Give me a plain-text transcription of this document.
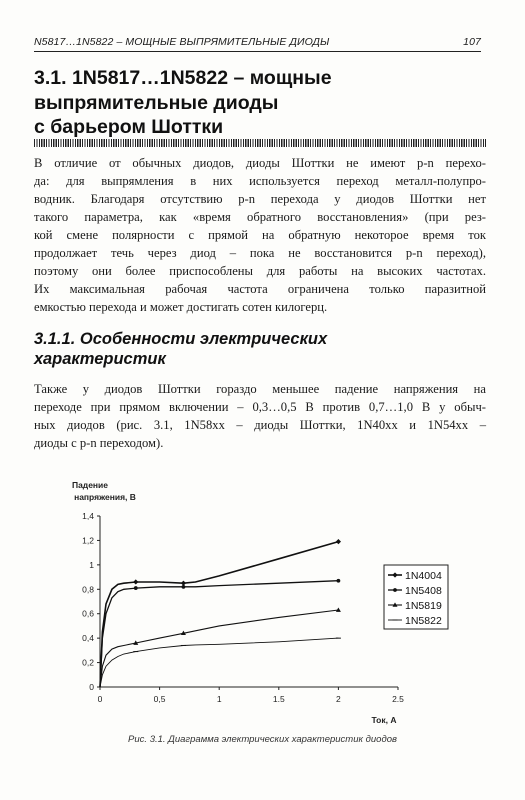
N5817…1N5822 – МОЩНЫЕ ВЫПРЯМИТЕЛЬНЫЕ ДИОДЫ	107
3.1. 1N5817…1N5822 – мощные
выпрямительные диоды
с барьером Шоттки
В отличие от обычных диодов, диоды Шоттки не имеют p-n перехо-
да: для выпрямления в них используется переход металл-полупро-
водник. Благодаря отсутствию p-n перехода у диодов Шоттки нет
такого параметра, как «время обратного восстановления» (при рез-
кой смене полярности с прямой на обратную некоторое время ток
продолжает течь через диод – пока не восстановится p-n переход),
поэтому они более приспособлены для работы на высоких частотах.
Их максимальная рабочая частота ограничена только паразитной
емкостью перехода и может достигать сотен килогерц.
3.1.1. Особенности электрических
характеристик
Также у диодов Шоттки гораздо меньшее падение напряжения на
переходе при прямом включении – 0,3…0,5 В против 0,7…1,0 В у обыч-
ных диодов (рис. 3.1, 1N58xx – диоды Шоттки, 1N40xx и 1N54xx –
диоды с p-n переходом).
Падение
напряжения, В
Ток, А
0
0,2
0,4
0,6
0,8
1
1,2
1,4
0	0,5	1	1.5	2	2.5
1N4004
1N5408
1N5819
1N5822
Рис. 3.1. Диаграмма электрических характеристик диодов
